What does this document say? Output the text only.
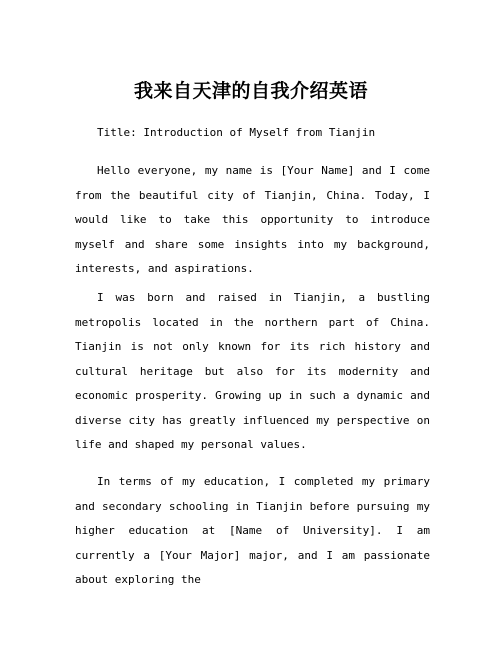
我来自天津的自我介绍英语

Title: Introduction of Myself from Tianjin

Hello everyone, my name is [Your Name] and I come from the beautiful city of Tianjin, China. Today, I would like to take this opportunity to introduce myself and share some insights into my background, interests, and aspirations.

I was born and raised in Tianjin, a bustling metropolis located in the northern part of China. Tianjin is not only known for its rich history and cultural heritage but also for its modernity and economic prosperity. Growing up in such a dynamic and diverse city has greatly influenced my perspective on life and shaped my personal values.

In terms of my education, I completed my primary and secondary schooling in Tianjin before pursuing my higher education at [Name of University]. I am currently a [Your Major] major, and I am passionate about exploring the
